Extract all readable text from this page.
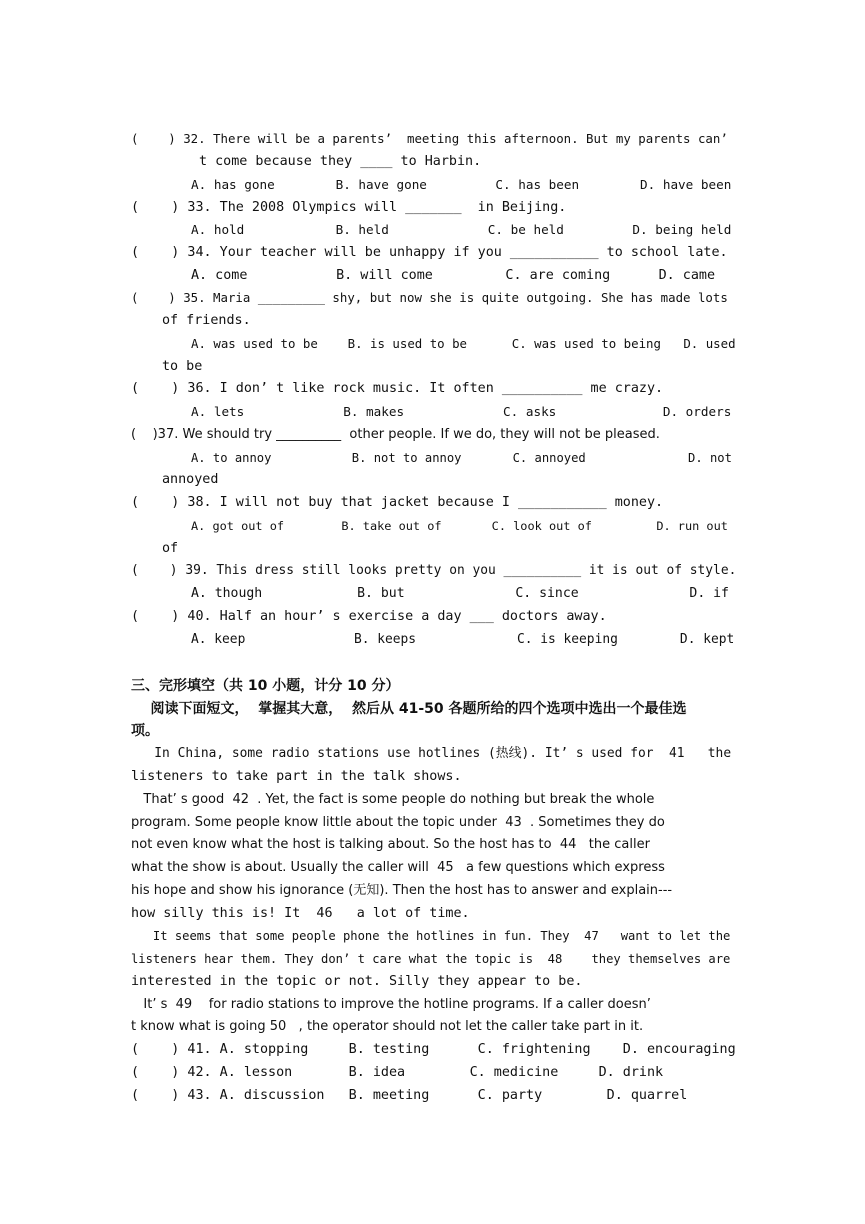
(    ) 32. There will be a parents’  meeting this afternoon. But my parents can’
t come because they ____ to Harbin.
A. has gone        B. have gone         C. has been        D. have been
(    ) 33. The 2008 Olympics will _______  in Beijing.
A. hold            B. held             C. be held         D. being held
(    ) 34. Your teacher will be unhappy if you ___________ to school late.
A. come           B. will come         C. are coming      D. came
(    ) 35. Maria _________ shy, but now she is quite outgoing. She has made lots
of friends.
A. was used to be    B. is used to be      C. was used to being   D. used
to be
(    ) 36. I don’ t like rock music. It often __________ me crazy.
A. lets             B. makes             C. asks              D. orders
(    )37. We should try __________  other people. If we do, they will not be pleased.
A. to annoy           B. not to annoy       C. annoyed              D. not
annoyed
(    ) 38. I will not buy that jacket because I ___________ money.
A. got out of        B. take out of       C. look out of         D. run out
of
(    ) 39. This dress still looks pretty on you __________ it is out of style.
A. though            B. but              C. since              D. if
(    ) 40. Half an hour’ s exercise a day ___ doctors away.
A. keep              B. keeps             C. is keeping        D. kept
三、完形填空（共 10 小题，计分 10 分）
阅读下面短文，  掌握其大意，  然后从 41-50 各题所给的四个选项中选出一个最佳选
项。
In China, some radio stations use hotlines (热线). It’ s used for  41   the
listeners to take part in the talk shows.
That’ s good  42  . Yet, the fact is some people do nothing but break the whole
program. Some people know little about the topic under  43  . Sometimes they do
not even know what the host is talking about. So the host has to  44   the caller
what the show is about. Usually the caller will  45   a few questions which express
his hope and show his ignorance (无知). Then the host has to answer and explain---
how silly this is! It  46   a lot of time.
It seems that some people phone the hotlines in fun. They  47   want to let the
listeners hear them. They don’ t care what the topic is  48    they themselves are
interested in the topic or not. Silly they appear to be.
It’ s  49    for radio stations to improve the hotline programs. If a caller doesn’
t know what is going 50   , the operator should not let the caller take part in it.
(    ) 41. A. stopping     B. testing      C. frightening    D. encouraging
(    ) 42. A. lesson       B. idea        C. medicine     D. drink
(    ) 43. A. discussion   B. meeting      C. party        D. quarrel
